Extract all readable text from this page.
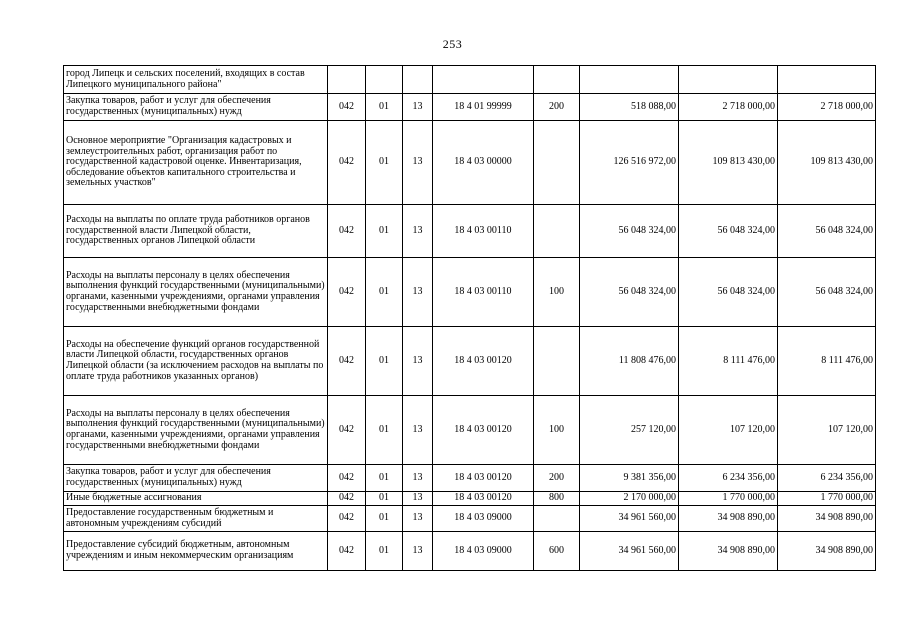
253
город Липецк и сельских поселений, входящих в состав Липецкого муниципального района"								
Закупка товаров, работ и услуг для обеспечения государственных (муниципальных) нужд	042	01	13	18 4 01 99999	200	518 088,00	2 718 000,00	2 718 000,00
Основное мероприятие "Организация кадастровых и землеустроительных работ, организация работ по государственной кадастровой оценке. Инвентаризация, обследование объектов капитального строительства и земельных участков"	042	01	13	18 4 03 00000		126 516 972,00	109 813 430,00	109 813 430,00
Расходы на выплаты по оплате труда работников органов государственной власти Липецкой области, государственных органов Липецкой области	042	01	13	18 4 03 00110		56 048 324,00	56 048 324,00	56 048 324,00
Расходы на выплаты персоналу в целях обеспечения выполнения функций государственными (муниципальными) органами, казенными учреждениями, органами управления государственными внебюджетными фондами	042	01	13	18 4 03 00110	100	56 048 324,00	56 048 324,00	56 048 324,00
Расходы на обеспечение функций органов государственной власти Липецкой области, государственных органов Липецкой области (за исключением расходов на выплаты по оплате труда работников указанных органов)	042	01	13	18 4 03 00120		11 808 476,00	8 111 476,00	8 111 476,00
Расходы на выплаты персоналу в целях обеспечения выполнения функций государственными (муниципальными) органами, казенными учреждениями, органами управления государственными внебюджетными фондами	042	01	13	18 4 03 00120	100	257 120,00	107 120,00	107 120,00
Закупка товаров, работ и услуг для обеспечения государственных (муниципальных) нужд	042	01	13	18 4 03 00120	200	9 381 356,00	6 234 356,00	6 234 356,00
Иные бюджетные ассигнования	042	01	13	18 4 03 00120	800	2 170 000,00	1 770 000,00	1 770 000,00
Предоставление государственным бюджетным и автономным учреждениям субсидий	042	01	13	18 4 03 09000		34 961 560,00	34 908 890,00	34 908 890,00
Предоставление субсидий бюджетным, автономным учреждениям и иным некоммерческим организациям	042	01	13	18 4 03 09000	600	34 961 560,00	34 908 890,00	34 908 890,00
